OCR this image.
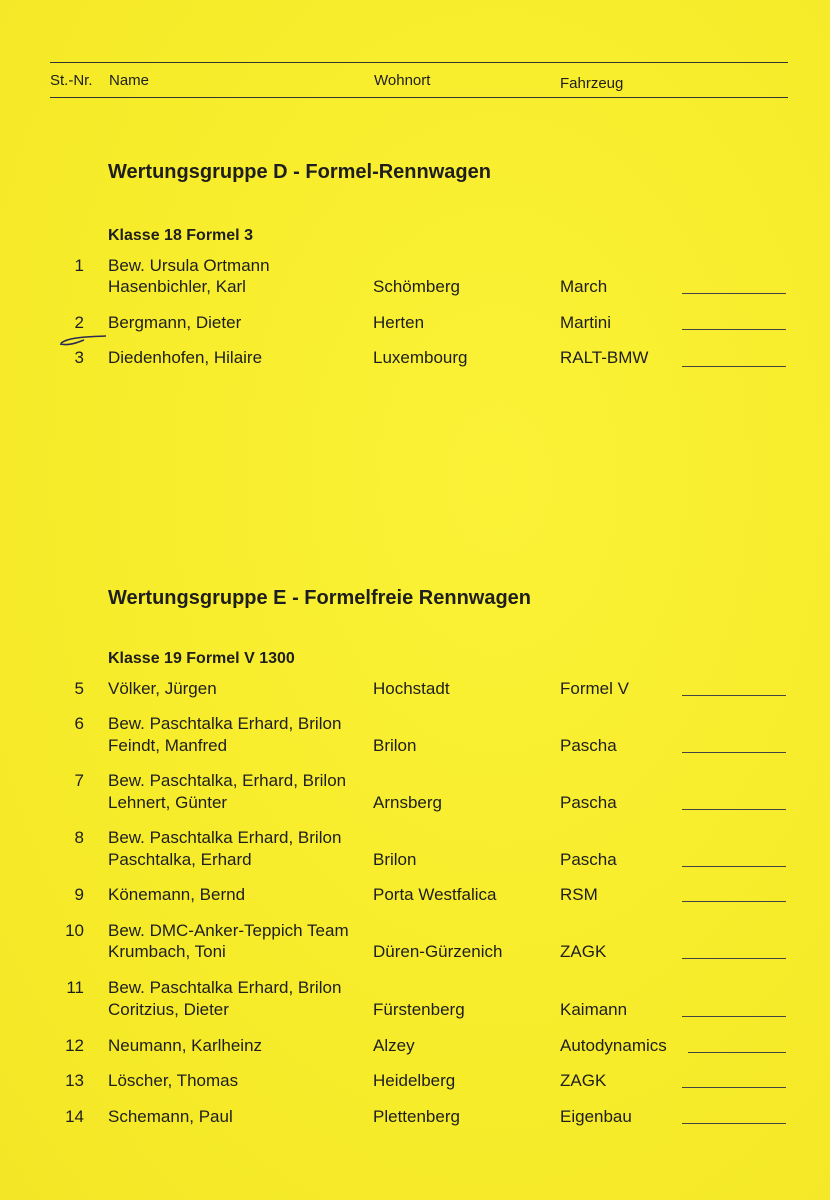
St.-Nr. Name	Wohnort	Fahrzeug
Wertungsgruppe D - Formel-Rennwagen
Klasse 18 Formel 3
1 Bew. Ursula Ortmann
Hasenbichler, Karl	Schömberg	March
2 Bergmann, Dieter	Herten	Martini
3 Diedenhofen, Hilaire	Luxembourg	RALT-BMW
Wertungsgruppe E - Formelfreie Rennwagen
Klasse 19 Formel V 1300
5 Völker, Jürgen	Hochstadt	Formel V
6 Bew. Paschtalka Erhard, Brilon
Feindt, Manfred	Brilon	Pascha
7 Bew. Paschtalka, Erhard, Brilon
Lehnert, Günter	Arnsberg	Pascha
8 Bew. Paschtalka Erhard, Brilon
Paschtalka, Erhard	Brilon	Pascha
9 Könemann, Bernd	Porta Westfalica	RSM
10 Bew. DMC-Anker-Teppich Team
Krumbach, Toni	Düren-Gürzenich	ZAGK
11 Bew. Paschtalka Erhard, Brilon
Coritzius, Dieter	Fürstenberg	Kaimann
12 Neumann, Karlheinz	Alzey	Autodynamics
13 Löscher, Thomas	Heidelberg	ZAGK
14 Schemann, Paul	Plettenberg	Eigenbau
